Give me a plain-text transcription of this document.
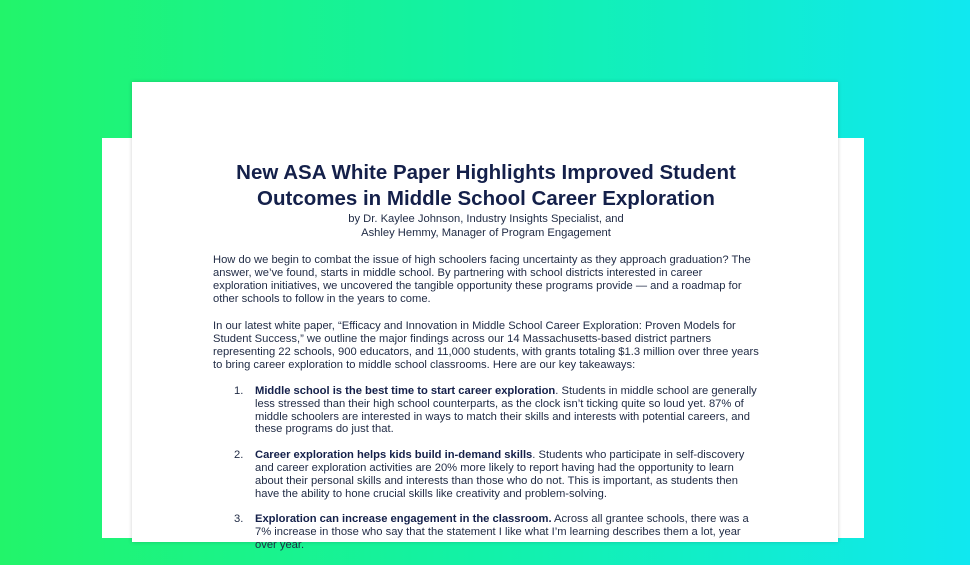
New ASA White Paper Highlights Improved Student
Outcomes in Middle School Career Exploration
by Dr. Kaylee Johnson, Industry Insights Specialist, and
Ashley Hemmy, Manager of Program Engagement

How do we begin to combat the issue of high schoolers facing uncertainty as they approach graduation? The answer, we’ve found, starts in middle school. By partnering with school districts interested in career exploration initiatives, we uncovered the tangible opportunity these programs provide — and a roadmap for other schools to follow in the years to come.

In our latest white paper, “Efficacy and Innovation in Middle School Career Exploration: Proven Models for Student Success,” we outline the major findings across our 14 Massachusetts-based district partners representing 22 schools, 900 educators, and 11,000 students, with grants totaling $1.3 million over three years to bring career exploration to middle school classrooms. Here are our key takeaways:

1. Middle school is the best time to start career exploration. Students in middle school are generally less stressed than their high school counterparts, as the clock isn’t ticking quite so loud yet. 87% of middle schoolers are interested in ways to match their skills and interests with potential careers, and these programs do just that.
2. Career exploration helps kids build in-demand skills. Students who participate in self-discovery and career exploration activities are 20% more likely to report having had the opportunity to learn about their personal skills and interests than those who do not. This is important, as students then have the ability to hone crucial skills like creativity and problem-solving.
3. Exploration can increase engagement in the classroom. Across all grantee schools, there was a 7% increase in those who say that the statement I like what I’m learning describes them a lot, year over year.
